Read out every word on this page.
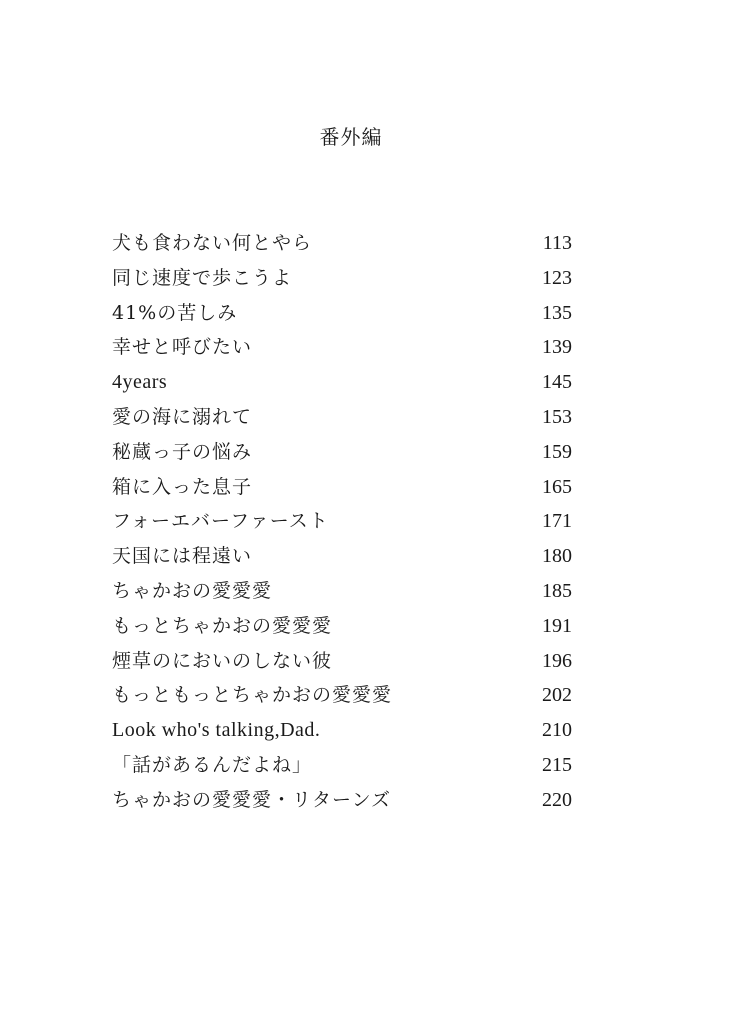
番外編
犬も食わない何とやら	113
同じ速度で歩こうよ	123
41%の苦しみ	135
幸せと呼びたい	139
4years	145
愛の海に溺れて	153
秘蔵っ子の悩み	159
箱に入った息子	165
フォーエバーファースト	171
天国には程遠い	180
ちゃかおの愛愛愛	185
もっとちゃかおの愛愛愛	191
煙草のにおいのしない彼	196
もっともっとちゃかおの愛愛愛	202
Look who's talking,Dad.	210
「話があるんだよね」	215
ちゃかおの愛愛愛・リターンズ	220
